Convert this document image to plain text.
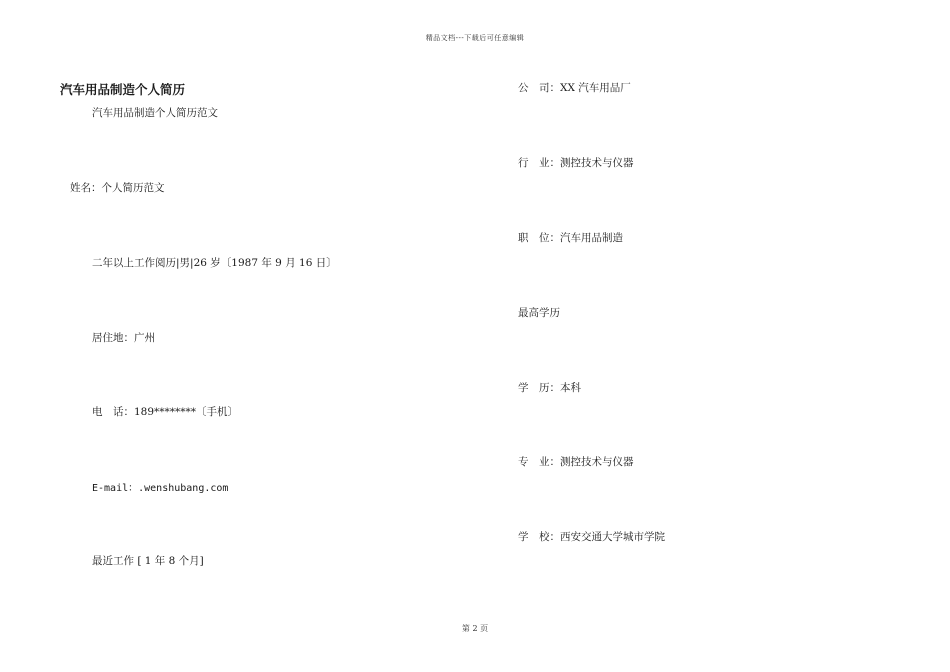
精品文档---下载后可任意编辑
汽车用品制造个人简历
汽车用品制造个人简历范文
姓名：个人简历范文
二年以上工作阅历|男|26 岁〔1987 年 9 月 16 日〕
居住地：广州
电　话：189********〔手机〕
E-mail：.wenshubang.com
最近工作 [ 1 年 8 个月]
公　司：XX 汽车用品厂
行　业：测控技术与仪器
职　位：汽车用品制造
最高学历
学　历：本科
专　业：测控技术与仪器
学　校：西安交通大学城市学院
第 2 页
